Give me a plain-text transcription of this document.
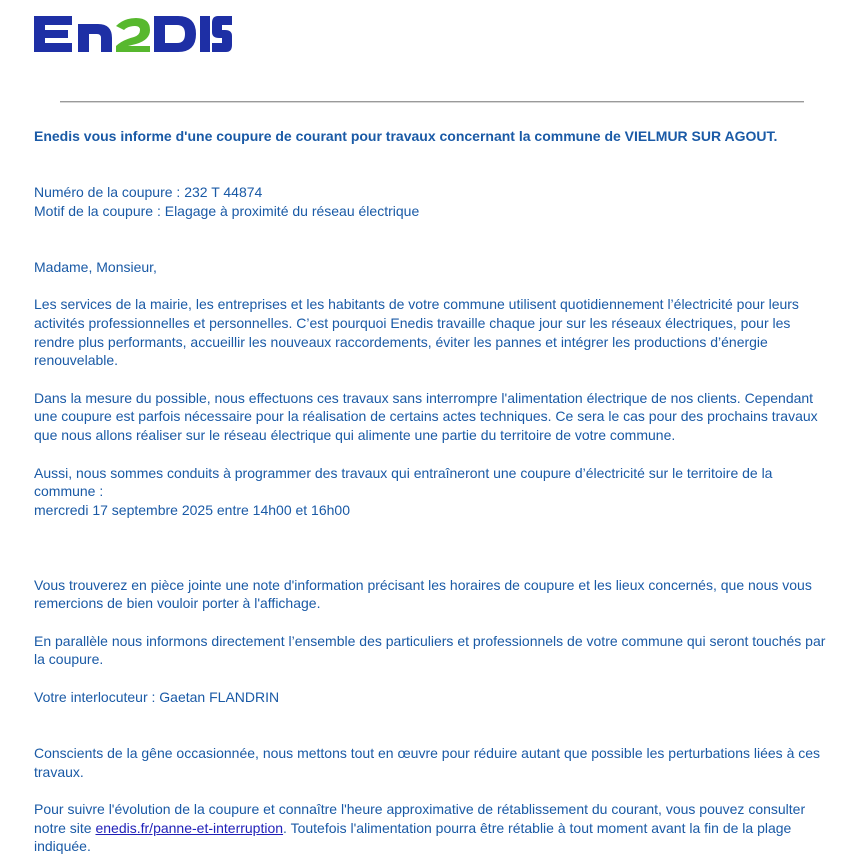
Enedis vous informe d'une coupure de courant pour travaux concernant la commune de VIELMUR SUR AGOUT.

Numéro de la coupure : 232 T 44874

Motif de la coupure : Elagage à proximité du réseau électrique

Madame, Monsieur,

Les services de la mairie, les entreprises et les habitants de votre commune utilisent quotidiennement l’électricité pour leurs activités professionnelles et personnelles. C’est pourquoi Enedis travaille chaque jour sur les réseaux électriques, pour les rendre plus performants, accueillir les nouveaux raccordements, éviter les pannes et intégrer les productions d’énergie renouvelable.

Dans la mesure du possible, nous effectuons ces travaux sans interrompre l'alimentation électrique de nos clients. Cependant une coupure est parfois nécessaire pour la réalisation de certains actes techniques. Ce sera le cas pour des prochains travaux que nous allons réaliser sur le réseau électrique qui alimente une partie du territoire de votre commune.

Aussi, nous sommes conduits à programmer des travaux qui entraîneront une coupure d’électricité sur le territoire de la commune :

mercredi 17 septembre 2025 entre 14h00 et 16h00

Vous trouverez en pièce jointe une note d'information précisant les horaires de coupure et les lieux concernés, que nous vous remercions de bien vouloir porter à l'affichage.

En parallèle nous informons directement l’ensemble des particuliers et professionnels de votre commune qui seront touchés par la coupure.

Votre interlocuteur : Gaetan FLANDRIN

Conscients de la gêne occasionnée, nous mettons tout en œuvre pour réduire autant que possible les perturbations liées à ces travaux.

Pour suivre l'évolution de la coupure et connaître l'heure approximative de rétablissement du courant, vous pouvez consulter notre site enedis.fr/panne-et-interruption. Toutefois l'alimentation pourra être rétablie à tout moment avant la fin de la plage indiquée.
